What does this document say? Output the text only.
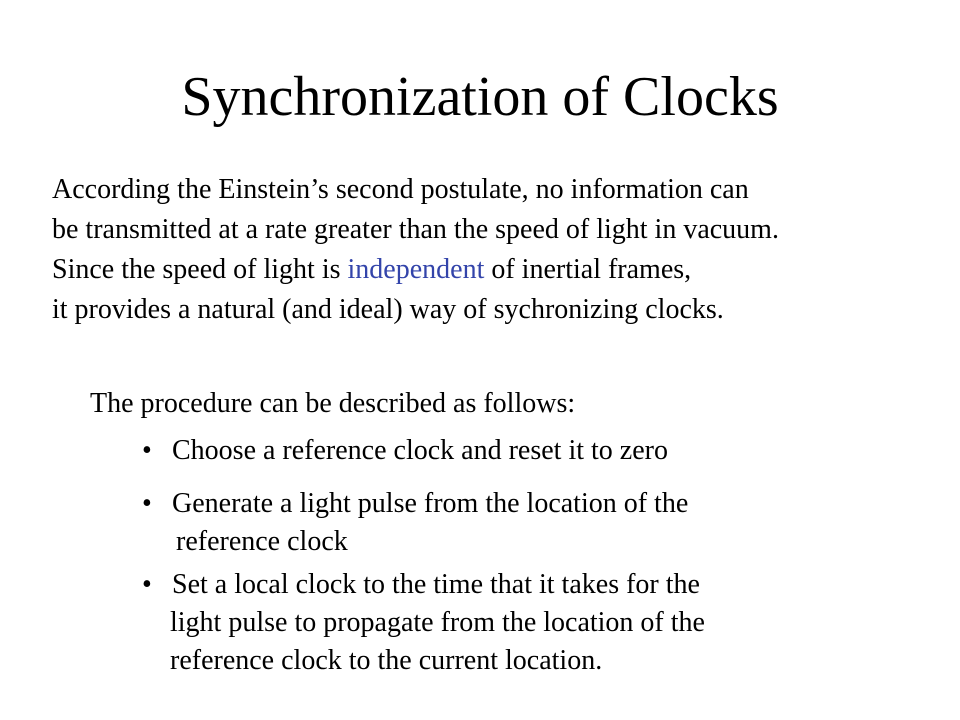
Synchronization of Clocks
According the Einstein’s second postulate, no information can
be transmitted at a rate greater than the speed of light in vacuum.
Since the speed of light is independent of inertial frames,
it provides a natural (and ideal) way of sychronizing clocks.
The procedure can be described as follows:
• Choose a reference clock and reset it to zero
• Generate a light pulse from the location of the
reference clock
• Set a local clock to the time that it takes for the
light pulse to propagate from the location of the
reference clock to the current location.
